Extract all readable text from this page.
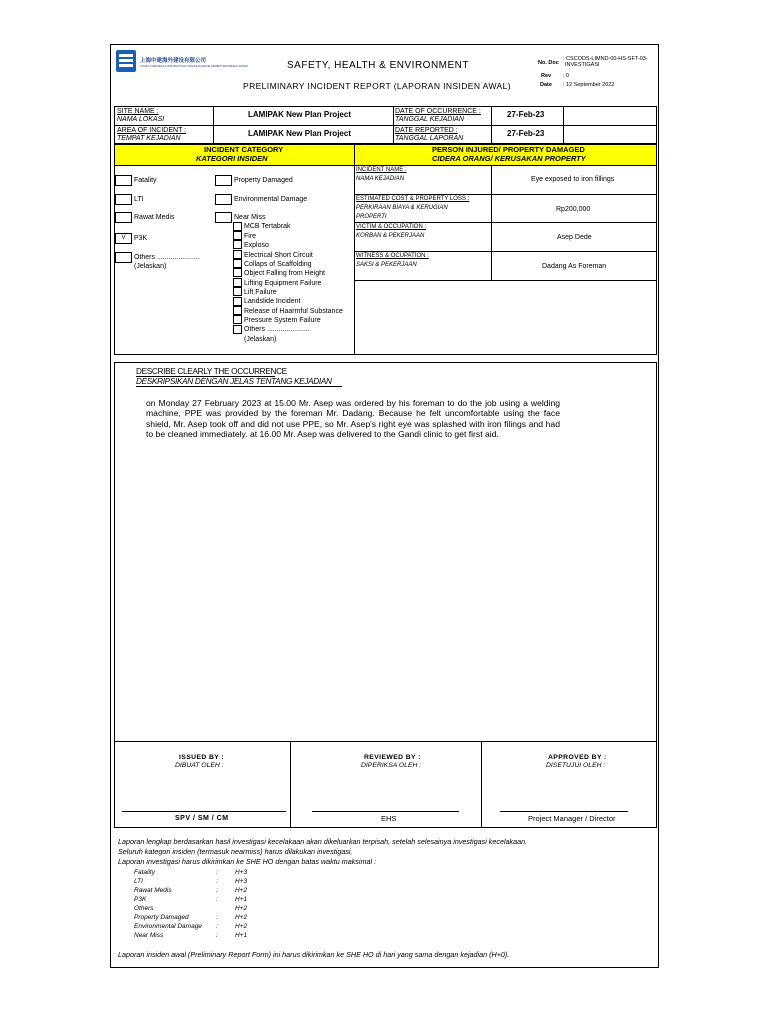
上海中建海外建设有限公司
CSCEC OVERSEAS CONSTRUCTION (SHANGHAI) DEVELOPMENT INDONESIA LIMITED	SAFETY, HEALTH & ENVIRONMENT
PRELIMINARY INCIDENT REPORT (LAPORAN INSIDEN AWAL)
No. Doc
: CSCODS-LIMND-00-HS-SFT-03-
INVESTIGASI
Rev : 0
Date : 12 September 2022
SITE NAME :
NAMA LOKASI
LAMIPAK New Plan Project
AREA OF INCIDENT :
TEMPAT KEJADIAN
LAMIPAK New Plan Project
DATE OF OCCURRENCE :
TANGGAL KEJADIAN
27-Feb-23
DATE REPORTED :
TANGGAL LAPORAN
27-Feb-23
INCIDENT CATEGORY
KATEGORI INSIDEN
PERSON INJURED/ PROPERTY DAMAGED
CIDERA ORANG/ KERUSAKAN PROPERTY
Fatality
LTI
Rawat Medis
V	P3K
Others ......................
(Jelaskan)
Property Damaged
Environmental Damage
Near Miss
MCB Tertabrak
Fire
Exploso
Electrical Short Circuit
Collaps of Scaffolding
Object Falling from Height
Lifting Equipment Failure
Lift Failure
Landslide Incident
Release of Haarmful Substance
Pressure System Failure
Others ......................
(Jelaskan)
INCIDENT NAME :
NAMA KEJADIAN	Eye exposed to iron fillings
ESTIMATED COST & PROPERTY LOSS :
PERKIRAAN BIAYA & KERUGIAN
PROPERTI
Rp200,000
VICTIM & OCCUPATION :
KORBAN & PEKERJAAN	Asep Dede
WITNESS & OCUPATION :
SAKSI & PEKERJAAN	Dadang As Foreman
DESCRIBE CLEARLY THE OCCURRENCE
DESKRIPSIKAN DENGAN JELAS TENTANG KEJADIAN
on Monday 27 February 2023 at 15.00 Mr. Asep was ordered by his foreman to do the job using a welding machine, PPE was provided by the foreman Mr. Dadang. Because he felt uncomfortable using the face shield, Mr. Asep took off and did not use PPE, so Mr. Asep's right eye was splashed with iron filings and had to be cleaned immediately. at 16.00 Mr. Asep was delivered to the Gandi clinic to get first aid.
ISSUED BY :
DIBUAT OLEH :
SPV / SM / CM
REVIEWED BY :
DIPERIKSA OLEH :
EHS
APPROVED BY :
DISETUJUI OLEH :
Project Manager / Director
Laporan lengkap berdasarkan hasil investigasi kecelakaan akan dikeluarkan terpisah, setelah selesainya investigasi kecelakaan.
Seluruh kategori insiden (termasuk nearmiss) harus dilakukan investigasi.
Laporan investigasi harus dikirimkan ke SHE HO dengan batas waktu maksimal :
Fatality	:	H+3
LTI	:	H+3
Rawat Medis	:	H+2
P3K	:	H+1
Others	H+2
Property Damaged	:	H+2
Environmental Damage :	H+2
Near Miss	:	H+1
Laporan insiden awal (Preliminary Report Form) ini harus dikirimkan ke SHE HO di hari yang sama dengan kejadian (H+0).
